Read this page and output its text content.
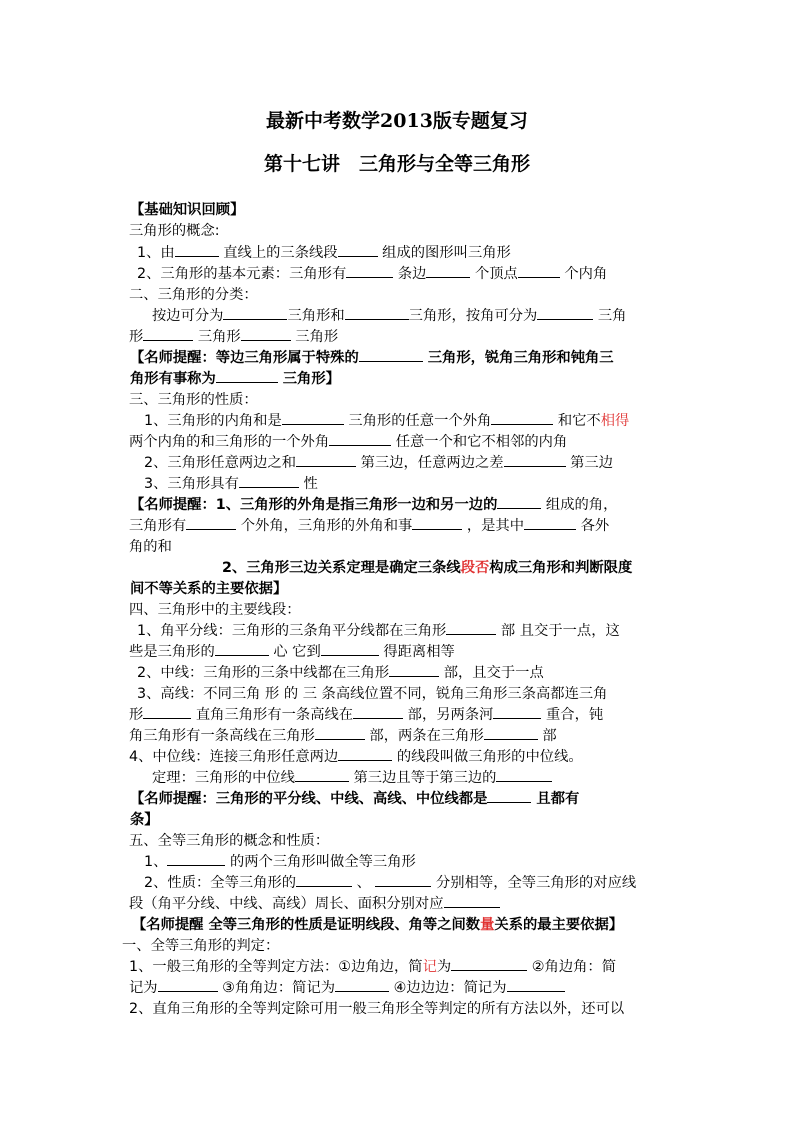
最新中考数学2013版专题复习
第十七讲　三角形与全等三角形
【基础知识回顾】
三角形的概念:
1、由	直线上的三条线段	组成的图形叫三角形
2、三角形的基本元素：三角形有	条边	个顶点	个内角
二、三角形的分类：
按边可分为	三角形和	三角形，按角可分为	三角
形	三角形	三角形
【名师提醒：等边三角形属于特殊的	三角形，锐角三角形和钝角三
角形有事称为	三角形】
三、三角形的性质：
1、三角形的内角和是	三角形的任意一个外角	和它不相得
两个内角的和三角形的一个外角	任意一个和它不相邻的内角
2、三角形任意两边之和	第三边，任意两边之差	第三边
3、三角形具有	性
【名师提醒：1、三角形的外角是指三角形一边和另一边的	组成的角，
三角形有	个外角，三角形的外角和事	，是其中	各外
角的和
2、三角形三边关系定理是确定三条线段否构成三角形和判断限度
间不等关系的主要依据】
四、三角形中的主要线段：
1、角平分线：三角形的三条角平分线都在三角形	部 且交于一点，这
些是三角形的	心 它到	得距离相等
2、中线：三角形的三条中线都在三角形	部，且交于一点
3、高线：不同三角 形 的 三 条高线位置不同，锐角三角形三条高都连三角
形	直角三角形有一条高线在	部，另两条河	重合，钝
角三角形有一条高线在三角形	部，两条在三角形	部
4、中位线：连接三角形任意两边	的线段叫做三角形的中位线。
定理：三角形的中位线	第三边且等于第三边的
【名师提醒：三角形的平分线、中线、高线、中位线都是	且都有
条】
五、全等三角形的概念和性质：
1、	的两个三角形叫做全等三角形
2、性质：全等三角形的	、	分别相等，全等三角形的对应线
段（角平分线、中线、高线）周长、面积分别对应
【名师提醒 全等三角形的性质是证明线段、角等之间数量关系的最主要依据】
一、全等三角形的判定：
1、一般三角形的全等判定方法：①边角边，简记为	②角边角：简
记为	③角角边：简记为	④边边边：简记为
2、直角三角形的全等判定除可用一般三角形全等判定的所有方法以外，还可以
